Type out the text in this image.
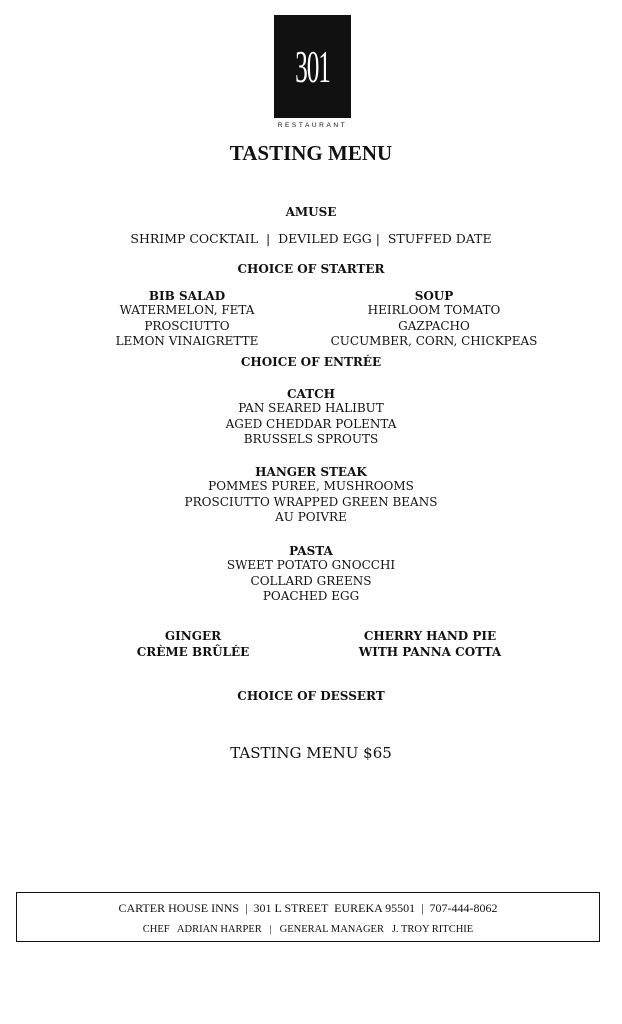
301
RESTAURANT
TASTING MENU
AMUSE
SHRIMP COCKTAIL  |  DEVILED EGG |  STUFFED DATE
CHOICE OF STARTER
BIB SALAD
WATERMELON, FETA
PROSCIUTTO
LEMON VINAIGRETTE
SOUP
HEIRLOOM TOMATO
GAZPACHO
CUCUMBER, CORN, CHICKPEAS
CHOICE OF ENTRÉE
CATCH
PAN SEARED HALIBUT
AGED CHEDDAR POLENTA
BRUSSELS SPROUTS
HANGER STEAK
POMMES PUREE, MUSHROOMS
PROSCIUTTO WRAPPED GREEN BEANS
AU POIVRE
PASTA
SWEET POTATO GNOCCHI
COLLARD GREENS
POACHED EGG
GINGER
CRÈME BRÛLÉE
CHERRY HAND PIE
WITH PANNA COTTA
CHOICE OF DESSERT
TASTING MENU $65
CARTER HOUSE INNS  |  301 L STREET  EUREKA 95501  |  707-444-8062
CHEF   ADRIAN HARPER   |   GENERAL MANAGER   J. TROY RITCHIE
